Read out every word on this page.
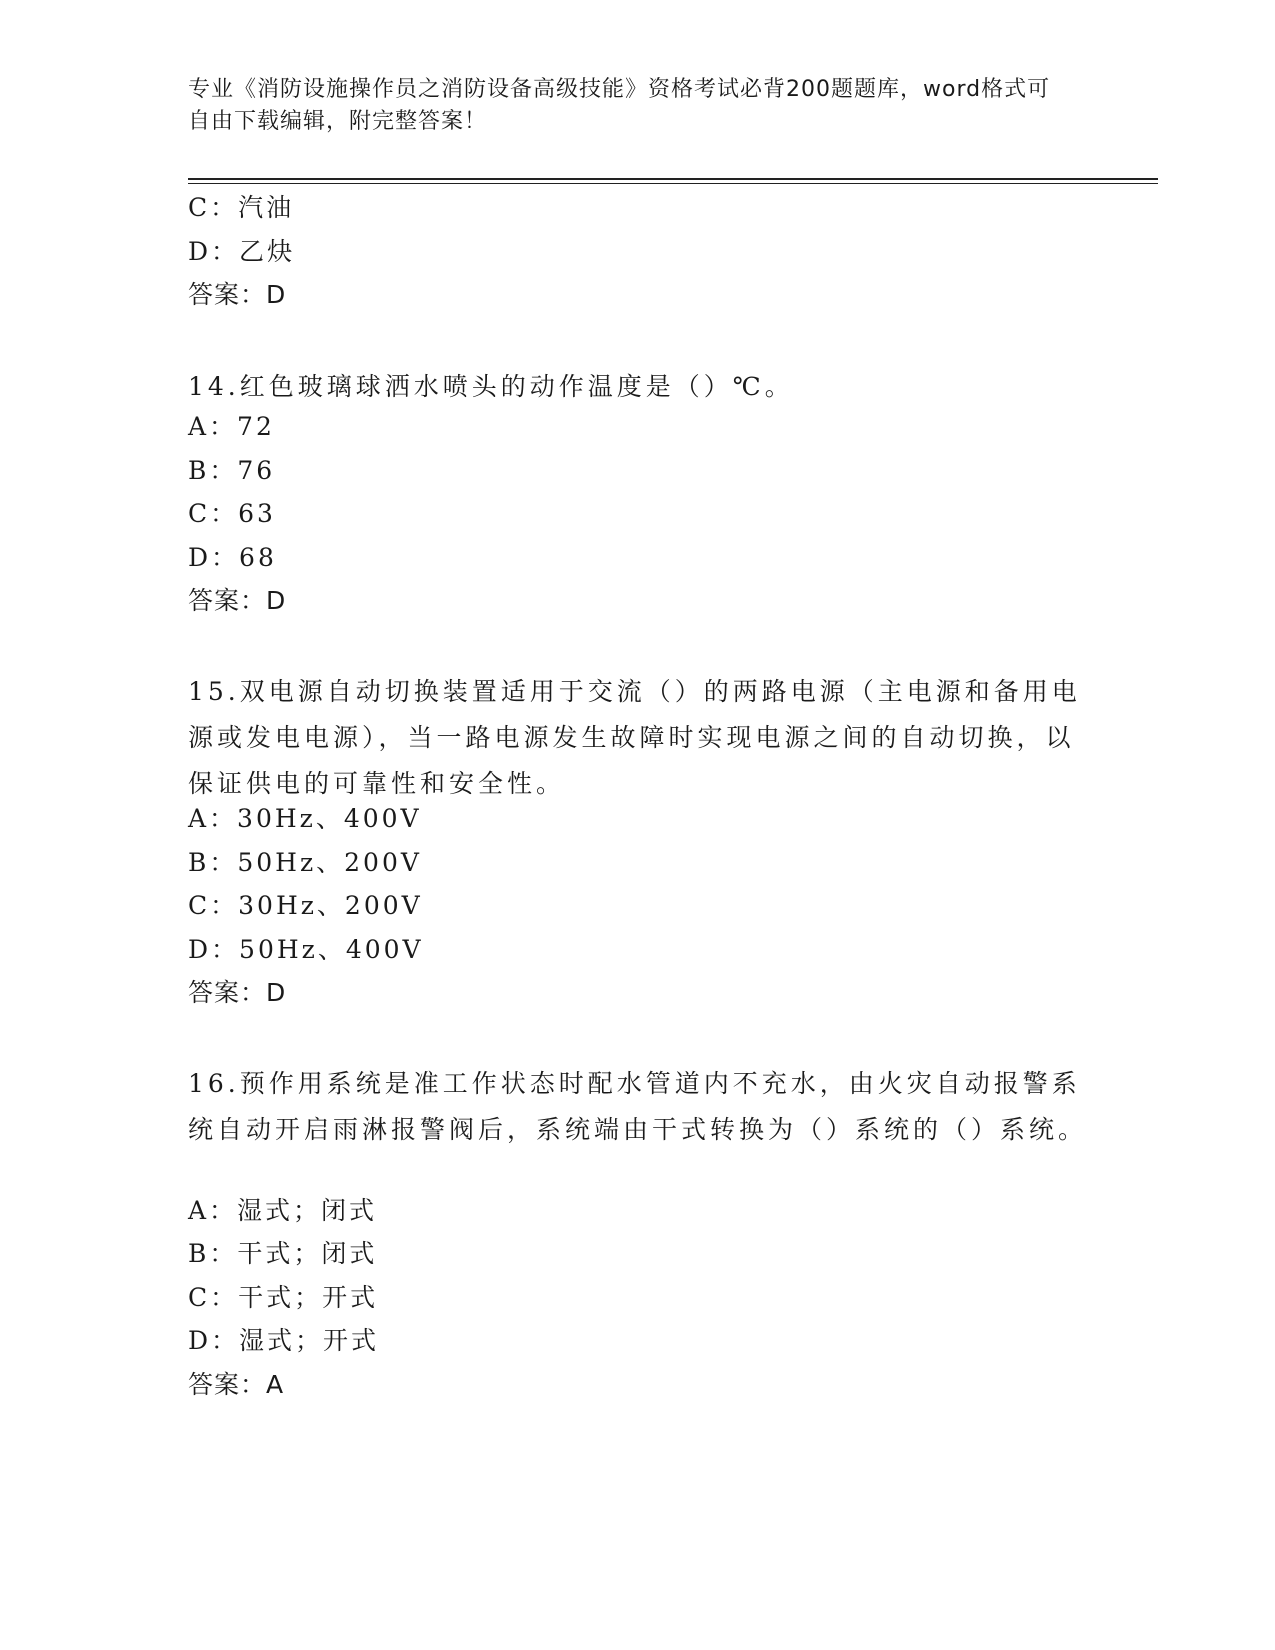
专业《消防设施操作员之消防设备高级技能》资格考试必背200题题库，word格式可自由下载编辑，附完整答案！
C：汽油
D：乙炔
答案：D
14.红色玻璃球洒水喷头的动作温度是（）℃。
A：72
B：76
C：63
D：68
答案：D
15.双电源自动切换装置适用于交流（）的两路电源（主电源和备用电源或发电电源），当一路电源发生故障时实现电源之间的自动切换，以保证供电的可靠性和安全性。
A：30Hz、400V
B：50Hz、200V
C：30Hz、200V
D：50Hz、400V
答案：D
16.预作用系统是准工作状态时配水管道内不充水，由火灾自动报警系统自动开启雨淋报警阀后，系统端由干式转换为（）系统的（）系统。
A：湿式；闭式
B：干式；闭式
C：干式；开式
D：湿式；开式
答案：A
